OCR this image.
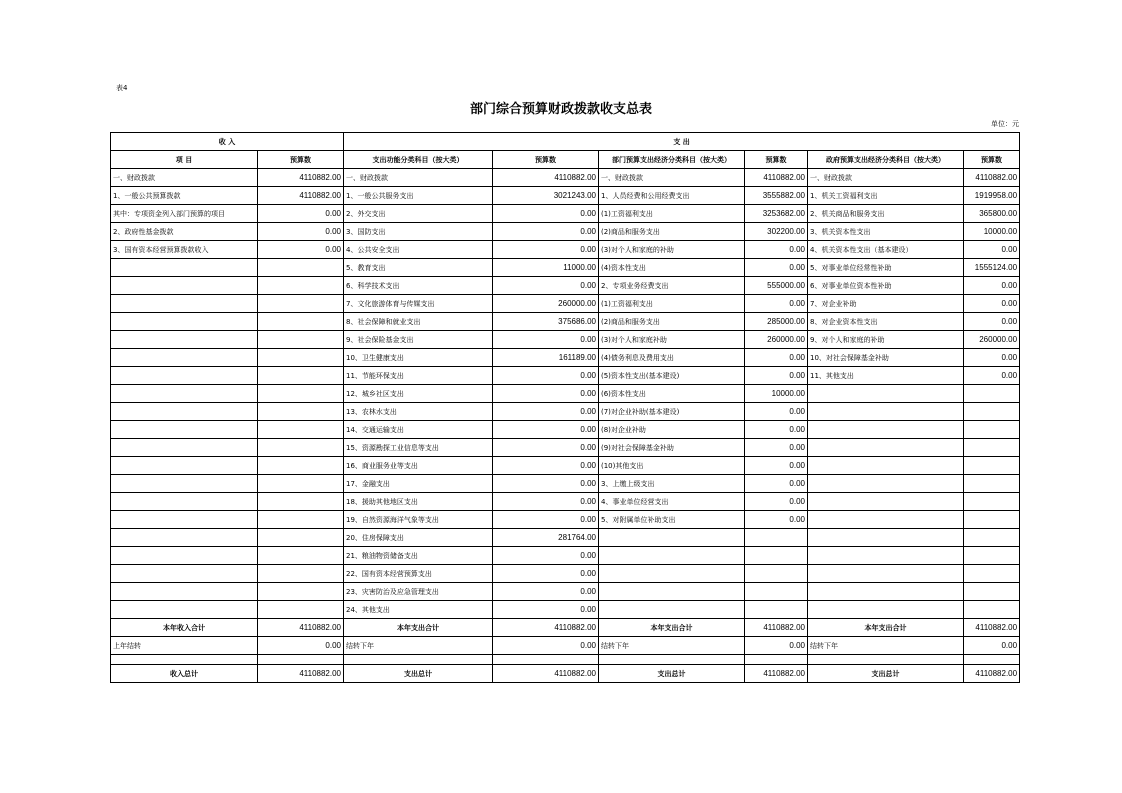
表4
部门综合预算财政拨款收支总表
单位：元
收 入		支 出					
项 目	预算数	支出功能分类科目（按大类）	预算数	部门预算支出经济分类科目（按大类）	预算数	政府预算支出经济分类科目（按大类）	预算数
一、财政拨款	4110882.00	一、财政拨款	4110882.00	一、财政拨款	4110882.00	一、财政拨款	4110882.00
1、一般公共预算拨款	4110882.00	1、一般公共服务支出	3021243.00	1、人员经费和公用经费支出	3555882.00	1、机关工资福利支出	1919958.00
其中：专项资金列入部门预算的项目	0.00	2、外交支出	0.00	(1)工资福利支出	3253682.00	2、机关商品和服务支出	365800.00
2、政府性基金拨款	0.00	3、国防支出	0.00	(2)商品和服务支出	302200.00	3、机关资本性支出	10000.00
3、国有资本经营预算拨款收入	0.00	4、公共安全支出	0.00	(3)对个人和家庭的补助	0.00	4、机关资本性支出（基本建设）	0.00
		5、教育支出	11000.00	(4)资本性支出	0.00	5、对事业单位经常性补助	1555124.00
		6、科学技术支出	0.00	2、专项业务经费支出	555000.00	6、对事业单位资本性补助	0.00
		7、文化旅游体育与传媒支出	260000.00	(1)工资福利支出	0.00	7、对企业补助	0.00
		8、社会保障和就业支出	375686.00	(2)商品和服务支出	285000.00	8、对企业资本性支出	0.00
		9、社会保险基金支出	0.00	(3)对个人和家庭补助	260000.00	9、对个人和家庭的补助	260000.00
		10、卫生健康支出	161189.00	(4)债务利息及费用支出	0.00	10、对社会保障基金补助	0.00
		11、节能环保支出	0.00	(5)资本性支出(基本建设)	0.00	11、其他支出	0.00
		12、城乡社区支出	0.00	(6)资本性支出	10000.00		
		13、农林水支出	0.00	(7)对企业补助(基本建设)	0.00		
		14、交通运输支出	0.00	(8)对企业补助	0.00		
		15、资源勘探工业信息等支出	0.00	(9)对社会保障基金补助	0.00		
		16、商业服务业等支出	0.00	(10)其他支出	0.00		
		17、金融支出	0.00	3、上缴上级支出	0.00		
		18、援助其他地区支出	0.00	4、事业单位经营支出	0.00		
		19、自然资源海洋气象等支出	0.00	5、对附属单位补助支出	0.00		
		20、住房保障支出	281764.00				
		21、粮油物资储备支出	0.00				
		22、国有资本经营预算支出	0.00				
		23、灾害防治及应急管理支出	0.00				
		24、其他支出	0.00				
本年收入合计	4110882.00	本年支出合计	4110882.00	本年支出合计	4110882.00	本年支出合计	4110882.00
上年结转	0.00	结转下年	0.00	结转下年	0.00	结转下年	0.00

收入总计	4110882.00	支出总计	4110882.00	支出总计	4110882.00	支出总计	4110882.00
